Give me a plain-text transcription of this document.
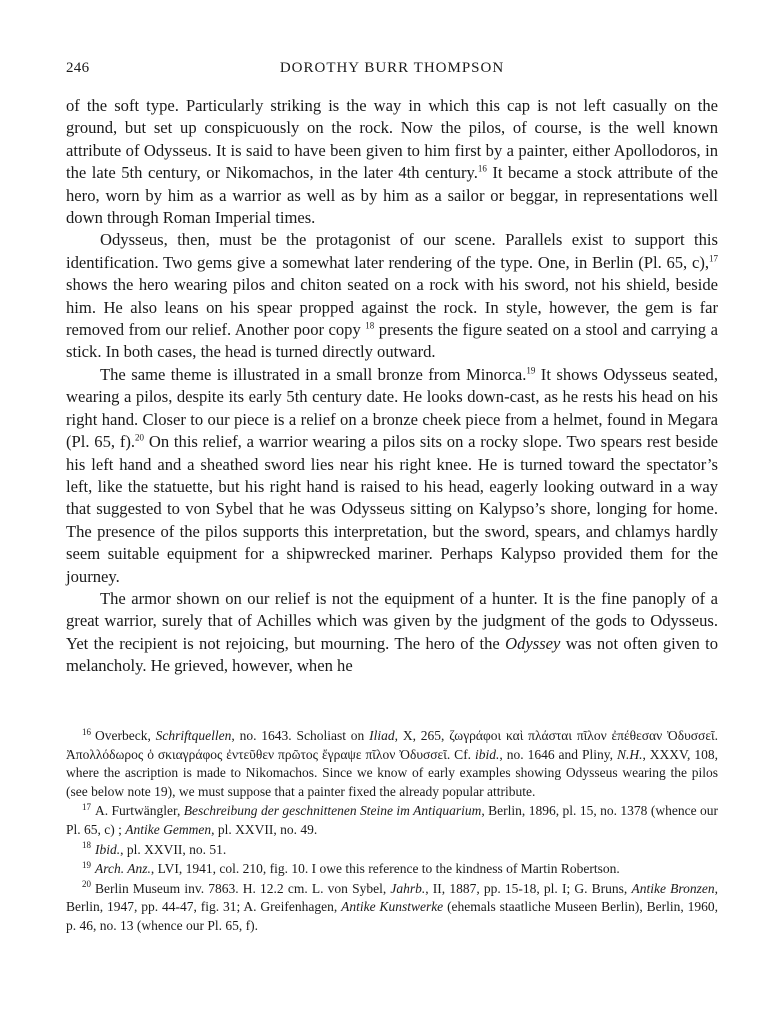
246	DOROTHY BURR THOMPSON

of the soft type. Particularly striking is the way in which this cap is not left casually on the ground, but set up conspicuously on the rock. Now the pilos, of course, is the well known attribute of Odysseus. It is said to have been given to him first by a painter, either Apollodoros, in the late 5th century, or Nikomachos, in the later 4th century.$^{16}$ It became a stock attribute of the hero, worn by him as a warrior as well as by him as a sailor or beggar, in representations well down through Roman Imperial times.

Odysseus, then, must be the protagonist of our scene. Parallels exist to support this identification. Two gems give a somewhat later rendering of the type. One, in Berlin (Pl. 65, c),$^{17}$ shows the hero wearing pilos and chiton seated on a rock with his sword, not his shield, beside him. He also leans on his spear propped against the rock. In style, however, the gem is far removed from our relief. Another poor copy $^{18}$ presents the figure seated on a stool and carrying a stick. In both cases, the head is turned directly outward.

The same theme is illustrated in a small bronze from Minorca.$^{19}$ It shows Odysseus seated, wearing a pilos, despite its early 5th century date. He looks down-cast, as he rests his head on his right hand. Closer to our piece is a relief on a bronze cheek piece from a helmet, found in Megara (Pl. 65, f).$^{20}$ On this relief, a warrior wearing a pilos sits on a rocky slope. Two spears rest beside his left hand and a sheathed sword lies near his right knee. He is turned toward the spectator’s left, like the statuette, but his right hand is raised to his head, eagerly looking outward in a way that suggested to von Sybel that he was Odysseus sitting on Kalypso’s shore, longing for home. The presence of the pilos supports this interpretation, but the sword, spears, and chlamys hardly seem suitable equipment for a shipwrecked mariner. Perhaps Kalypso provided them for the journey.

The armor shown on our relief is not the equipment of a hunter. It is the fine panoply of a great warrior, surely that of Achilles which was given by the judgment of the gods to Odysseus. Yet the recipient is not rejoicing, but mourning. The hero of the Odyssey was not often given to melancholy. He grieved, however, when he

$^{16}$ Overbeck, Schriftquellen, no. 1643. Scholiast on Iliad, X, 265, ζωγράφοι καὶ πλάσται πῖλον ἐπέθεσαν Ὀδυσσεῖ. Ἀπολλόδωρος ὁ σκιαγράφος ἐντεῦθεν πρῶτος ἔγραψε πῖλον Ὀδυσσεῖ. Cf. ibid., no. 1646 and Pliny, N.H., XXXV, 108, where the ascription is made to Nikomachos. Since we know of early examples showing Odysseus wearing the pilos (see below note 19), we must suppose that a painter fixed the already popular attribute.

$^{17}$ A. Furtwängler, Beschreibung der geschnittenen Steine im Antiquarium, Berlin, 1896, pl. 15, no. 1378 (whence our Pl. 65, c) ; Antike Gemmen, pl. XXVII, no. 49.

$^{18}$ Ibid., pl. XXVII, no. 51.

$^{19}$ Arch. Anz., LVI, 1941, col. 210, fig. 10. I owe this reference to the kindness of Martin Robertson.

$^{20}$ Berlin Museum inv. 7863. H. 12.2 cm. L. von Sybel, Jahrb., II, 1887, pp. 15-18, pl. I; G. Bruns, Antike Bronzen, Berlin, 1947, pp. 44-47, fig. 31; A. Greifenhagen, Antike Kunstwerke (ehemals staatliche Museen Berlin), Berlin, 1960, p. 46, no. 13 (whence our Pl. 65, f).
